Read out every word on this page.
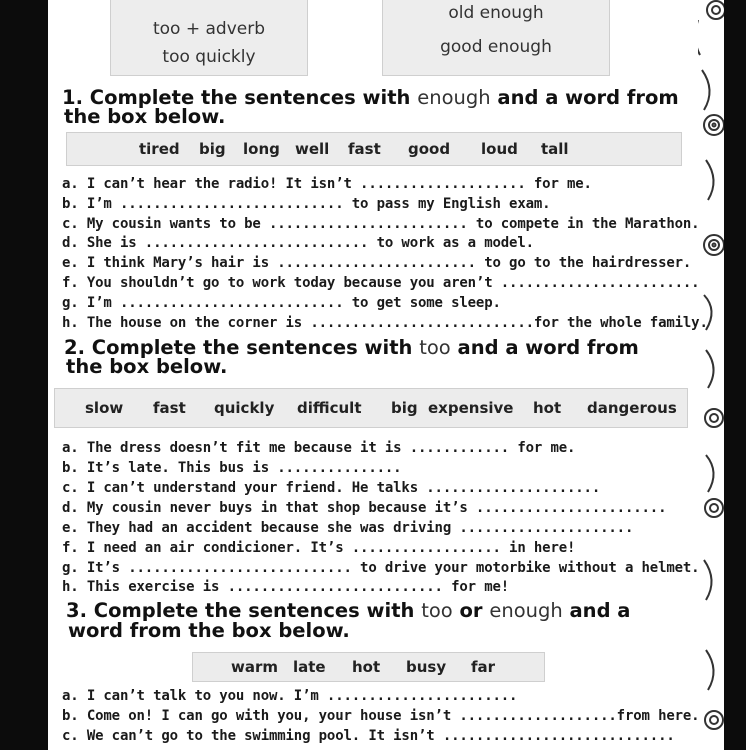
too + adverb
too quickly
old enough
good enough
1. Complete the sentences with enough and a word from
the box below.
tired big long well fast good loud tall
a. I can’t hear the radio! It isn’t .................... for me.
b. I’m ........................... to pass my English exam.
c. My cousin wants to be ........................ to compete in the Marathon.
d. She is ........................... to work as a model.
e. I think Mary’s hair is ........................ to go to the hairdresser.
f. You shouldn’t go to work today because you aren’t ........................
g. I’m ........................... to get some sleep.
h. The house on the corner is ...........................for the whole family.
2. Complete the sentences with too and a word from
the box below.
slow fast quickly difficult big expensive hot dangerous
a. The dress doesn’t fit me because it is ............ for me.
b. It’s late. This bus is ...............
c. I can’t understand your friend. He talks .....................
d. My cousin never buys in that shop because it’s .......................
e. They had an accident because she was driving .....................
f. I need an air condicioner. It’s .................. in here!
g. It’s ........................... to drive your motorbike without a helmet.
h. This exercise is .......................... for me!
3. Complete the sentences with too or enough and a
word from the box below.
warm late hot busy far
a. I can’t talk to you now. I’m .......................
b. Come on! I can go with you, your house isn’t ...................from here.
c. We can’t go to the swimming pool. It isn’t ............................
